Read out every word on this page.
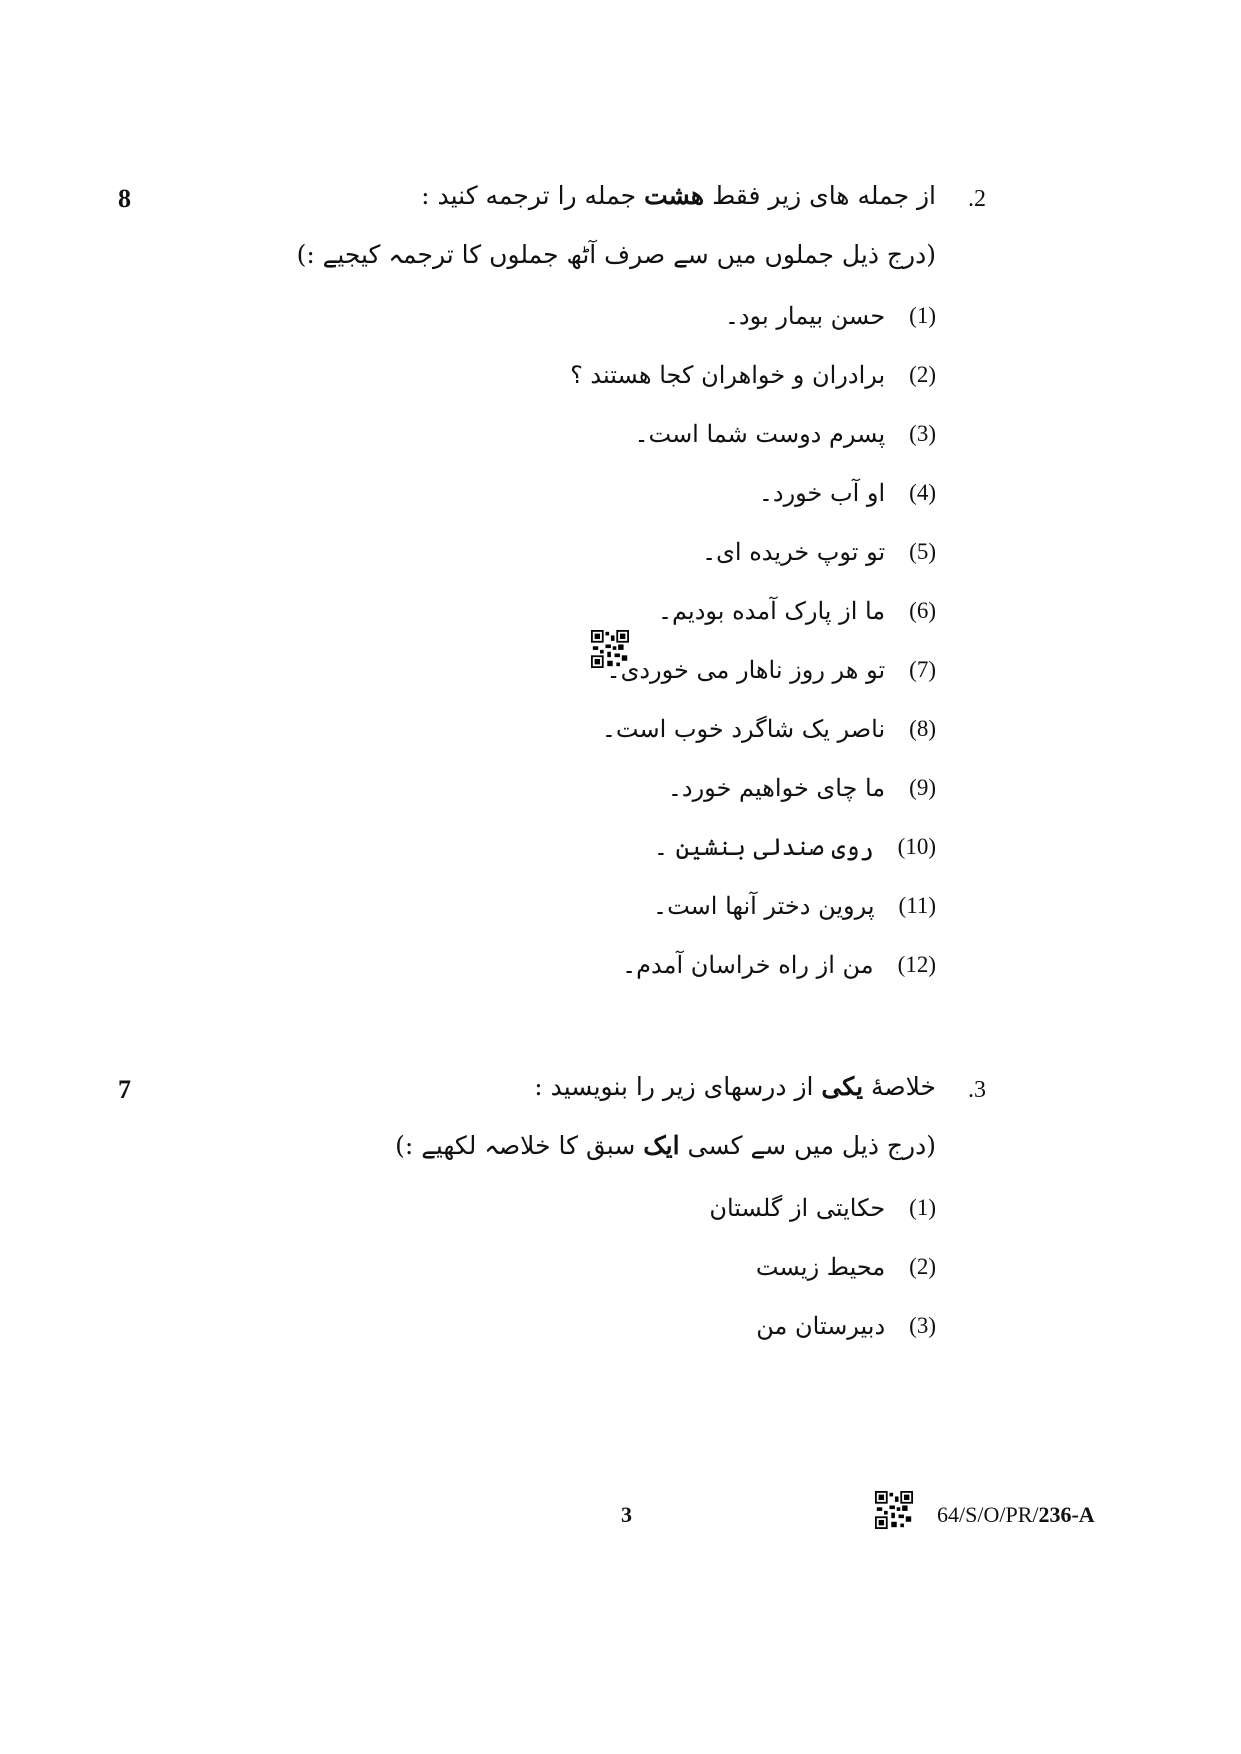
8	.2
از جمله های زیر فقط هشت جمله را ترجمه کنید :
(درج ذیل جملوں میں سے صرف آٹھ جملوں کا ترجمہ کیجیے :)
حسن بیمار بود۔ (1)
برادران و خواهران کجا هستند ؟ (2)
پسرم دوست شما است۔ (3)
او آب خورد۔ (4)
تو توپ خریده ای۔ (5)
ما از پارک آمده بودیم۔ (6)
تو هر روز ناهار می خوردی۔ (7)
ناصر یک شاگرد خوب است۔ (8)
ما چای خواهیم خورد۔ (9)
روی صندلی بنشین ۔ (10)
پروین دختر آنها است۔ (11)
من از راه خراسان آمدم۔ (12)
7	.3
خلاصهٔ یکی از درسهای زیر را بنویسید :
(درج ذیل میں سے کسی ایک سبق کا خلاصہ لکھیے :)
حکایتی از گلستان (1)
محیط زیست (2)
دبیرستان من (3)
3	64/S/O/PR/236-A
